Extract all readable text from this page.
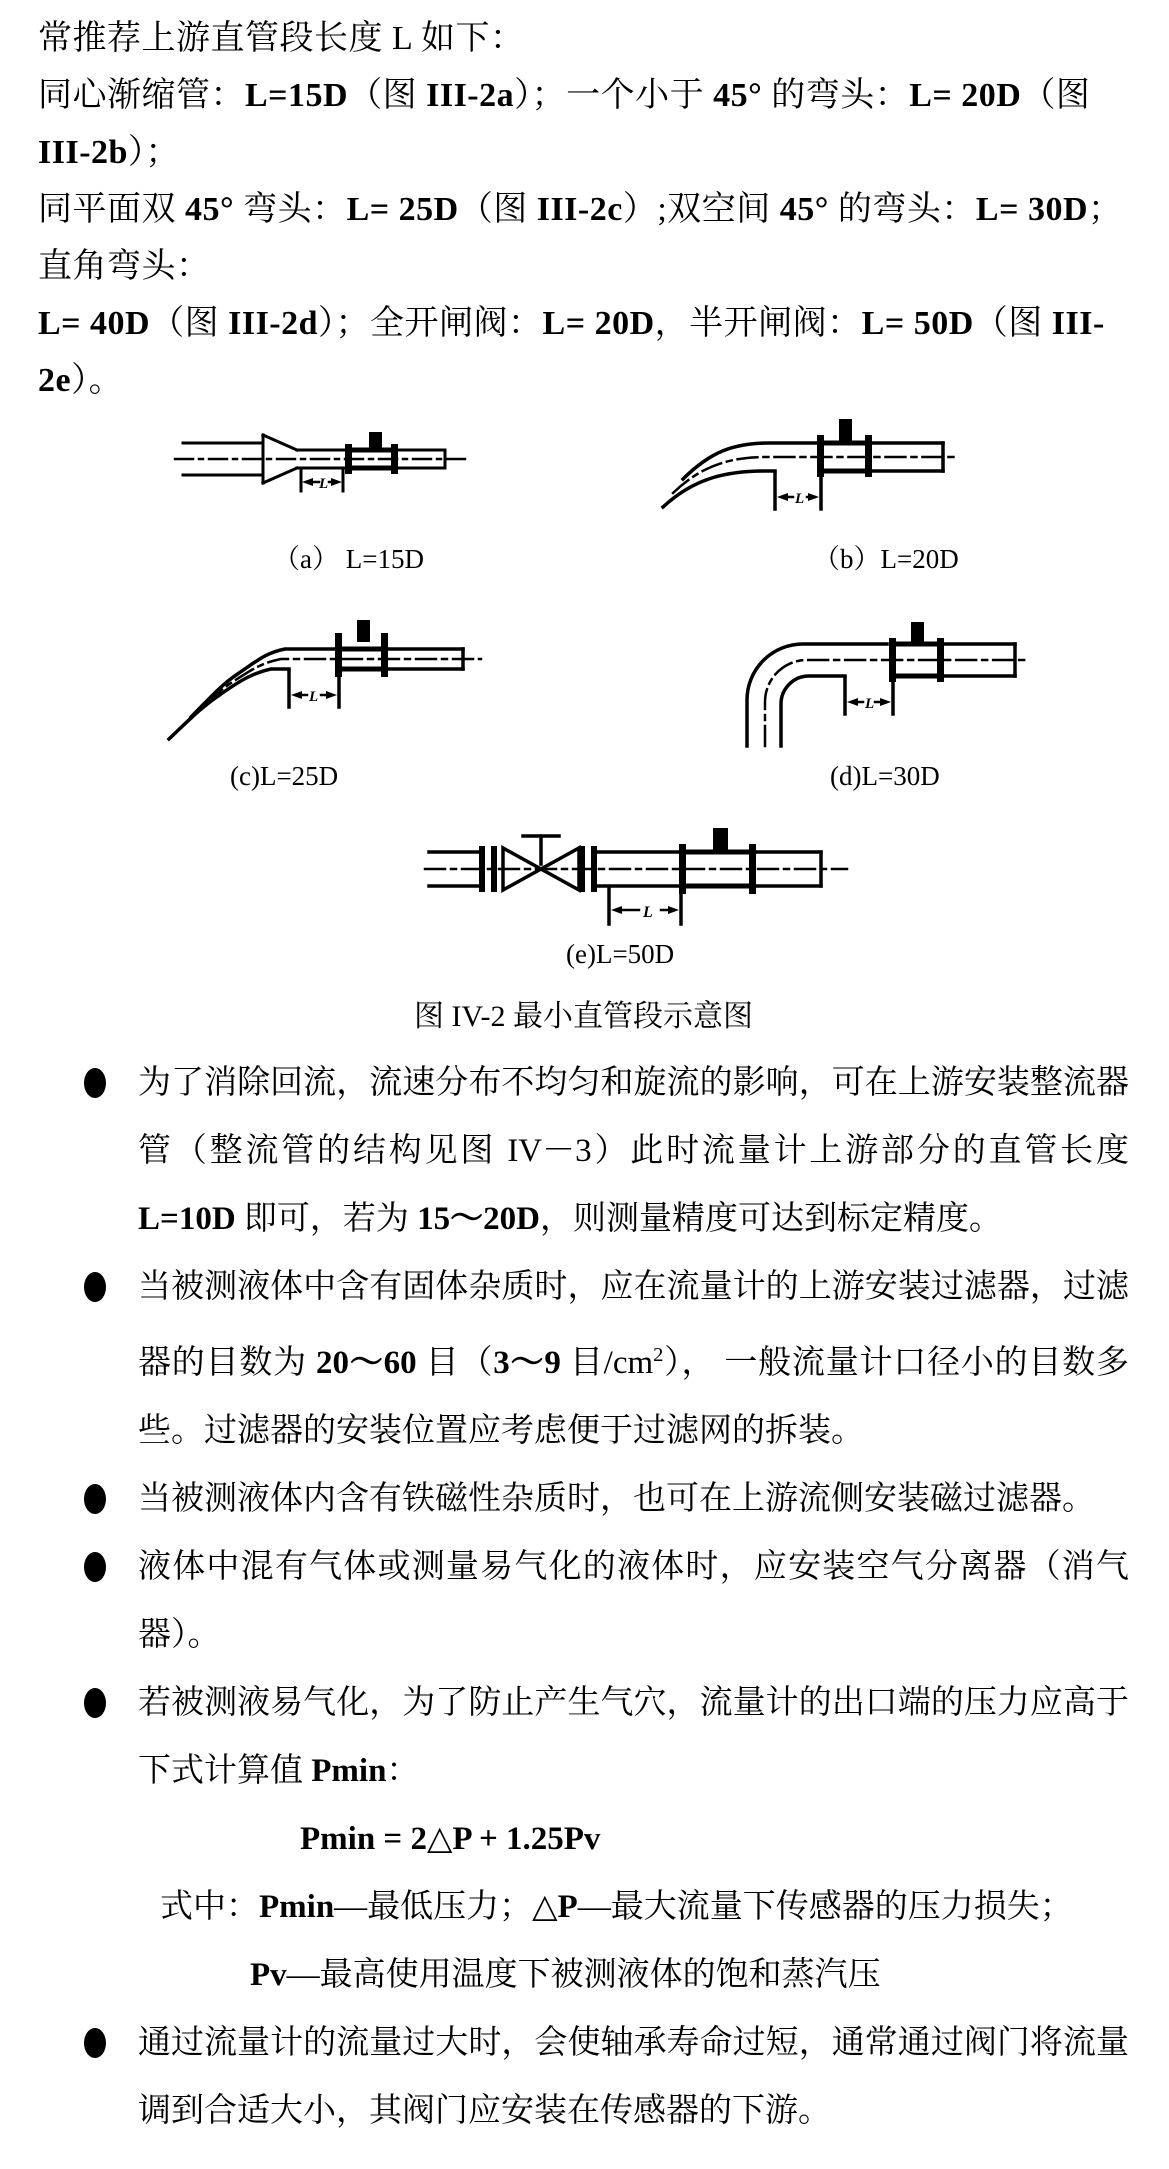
常推荐上游直管段长度 L 如下：

同心渐缩管：L=15D（图 III-2a）；一个小于 45° 的弯头：L= 20D（图 III-2b）；

同平面双 45° 弯头：L= 25D（图 III-2c）;双空间 45° 的弯头：L= 30D；直角弯头：

L= 40D（图 III-2d）；全开闸阀：L= 20D，半开闸阀：L= 50D（图 III-2e）。

L
L
L	L
L
（a） L=15D	（b）L=20D
(c)L=25D	(d)L=30D
(e)L=50D
图 IV-2 最小直管段示意图
为了消除回流，流速分布不均匀和旋流的影响，可在上游安装整流器管（整流管的结构见图 IV－3）此时流量计上游部分的直管长度 L=10D 即可，若为 15～20D，则测量精度可达到标定精度。
当被测液体中含有固体杂质时，应在流量计的上游安装过滤器，过滤器的目数为 20～60 目（3～9 目$/cm^2$）， 一般流量计口径小的目数多些。过滤器的安装位置应考虑便于过滤网的拆装。
当被测液体内含有铁磁性杂质时，也可在上游流侧安装磁过滤器。
液体中混有气体或测量易气化的液体时，应安装空气分离器（消气器）。
若被测液易气化，为了防止产生气穴，流量计的出口端的压力应高于下式计算值 Pmin：

Pmin = 2△P + 1.25Pv

式中：Pmin—最低压力；△P—最大流量下传感器的压力损失；

Pv—最高使用温度下被测液体的饱和蒸汽压

通过流量计的流量过大时，会使轴承寿命过短，通常通过阀门将流量调到合适大小，其阀门应安装在传感器的下游。
